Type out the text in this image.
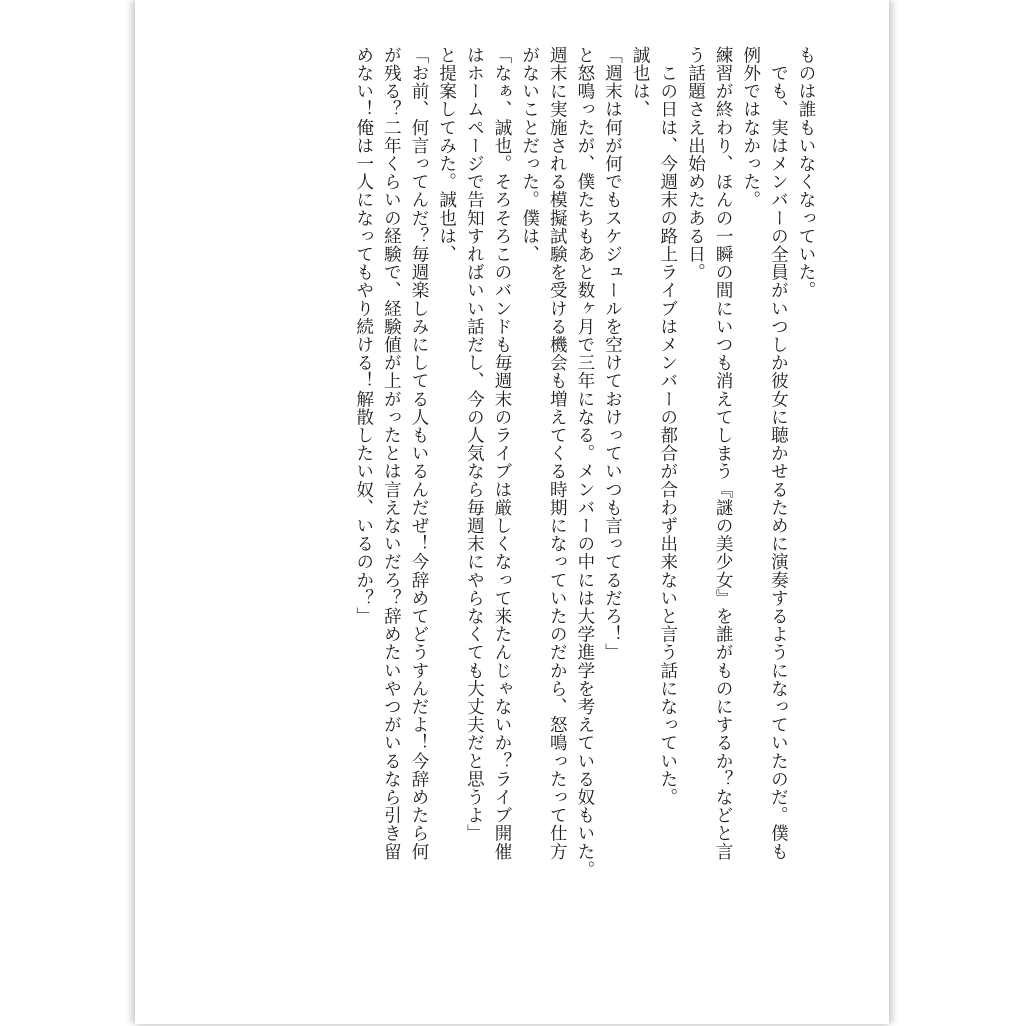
ものは誰もいなくなっていた。
　でも、実はメンバーの全員がいつしか彼女に聴かせるために演奏するようになっていたのだ。僕も
例外ではなかった。
練習が終わり、ほんの一瞬の間にいつも消えてしまう『謎の美少女』を誰がものにするか？などと言
う話題さえ出始めたある日。
　この日は、今週末の路上ライブはメンバーの都合が合わず出来ないと言う話になっていた。
誠也は、
「週末は何が何でもスケジュールを空けておけっていつも言ってるだろ！」
と怒鳴ったが、僕たちもあと数ヶ月で三年になる。メンバーの中には大学進学を考えている奴もいた。
週末に実施される模擬試験を受ける機会も増えてくる時期になっていたのだから、怒鳴ったって仕方
がないことだった。僕は、
「なぁ、誠也。そろそろこのバンドも毎週末のライブは厳しくなって来たんじゃないか？ライブ開催
はホームページで告知すればいい話だし、今の人気なら毎週末にやらなくても大丈夫だと思うよ」
と提案してみた。誠也は、
「お前、何言ってんだ？毎週楽しみにしてる人もいるんだぜ！今辞めてどうすんだよ！今辞めたら何
が残る？二年くらいの経験で、経験値が上がったとは言えないだろ？辞めたいやつがいるなら引き留
めない！俺は一人になってもやり続ける！解散したい奴、いるのか？」
